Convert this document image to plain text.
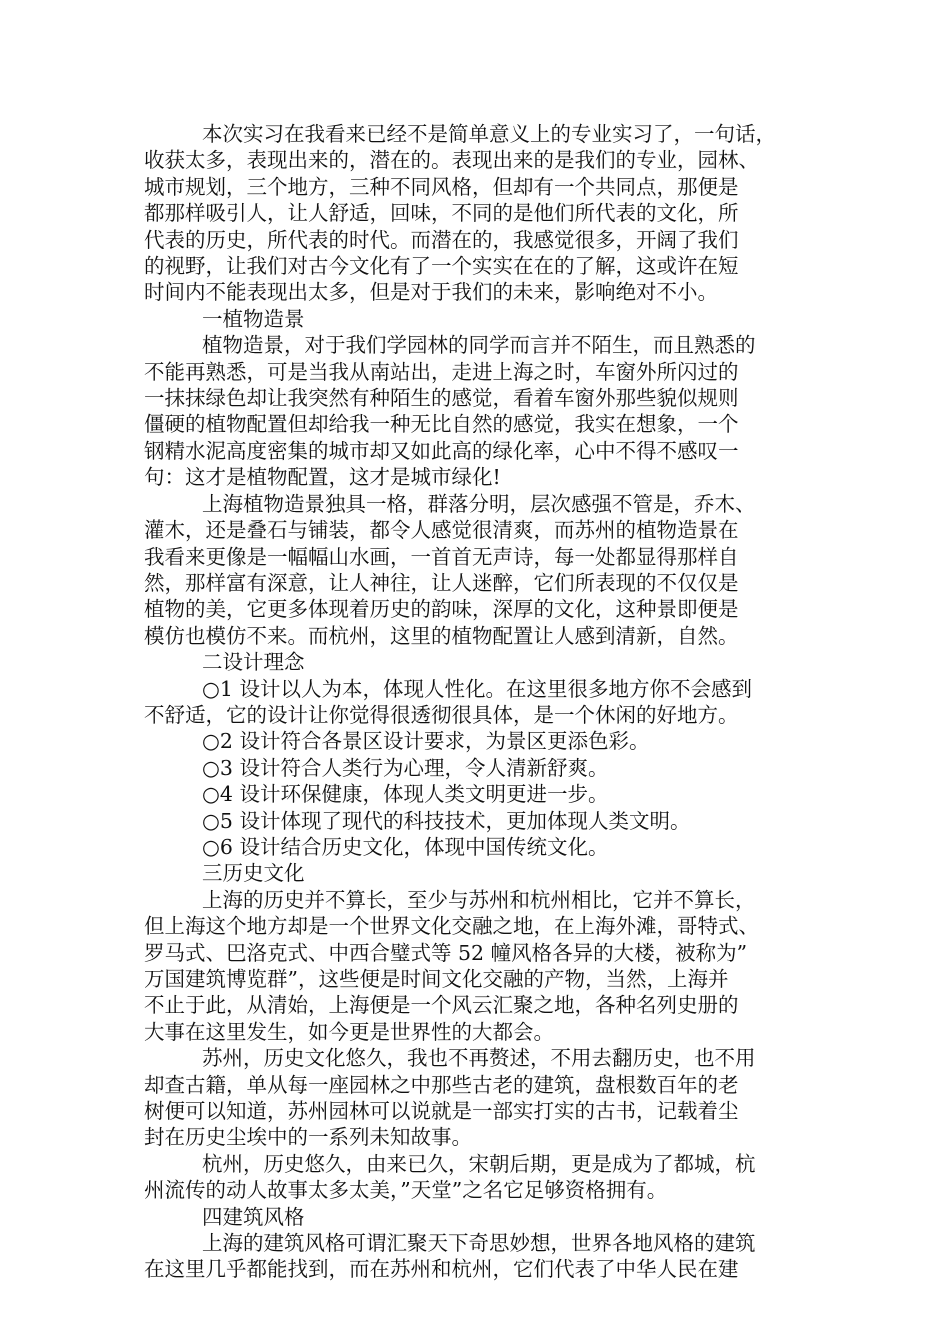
本次实习在我看来已经不是简单意义上的专业实习了，一句话，
收获太多，表现出来的，潜在的。表现出来的是我们的专业，园林、
城市规划，三个地方，三种不同风格，但却有一个共同点，那便是
都那样吸引人，让人舒适，回味，不同的是他们所代表的文化，所
代表的历史，所代表的时代。而潜在的，我感觉很多，开阔了我们
的视野，让我们对古今文化有了一个实实在在的了解，这或许在短
时间内不能表现出太多，但是对于我们的未来，影响绝对不小。
一植物造景
植物造景，对于我们学园林的同学而言并不陌生，而且熟悉的
不能再熟悉，可是当我从南站出，走进上海之时，车窗外所闪过的
一抹抹绿色却让我突然有种陌生的感觉，看着车窗外那些貌似规则
僵硬的植物配置但却给我一种无比自然的感觉，我实在想象，一个
钢精水泥高度密集的城市却又如此高的绿化率，心中不得不感叹一
句：这才是植物配置，这才是城市绿化!
上海植物造景独具一格，群落分明，层次感强不管是，乔木、
灌木，还是叠石与铺装，都令人感觉很清爽，而苏州的植物造景在
我看来更像是一幅幅山水画，一首首无声诗，每一处都显得那样自
然，那样富有深意，让人神往，让人迷醉，它们所表现的不仅仅是
植物的美，它更多体现着历史的韵味，深厚的文化，这种景即便是
模仿也模仿不来。而杭州，这里的植物配置让人感到清新，自然。
二设计理念
○1 设计以人为本，体现人性化。在这里很多地方你不会感到
不舒适，它的设计让你觉得很透彻很具体，是一个休闲的好地方。
○2 设计符合各景区设计要求，为景区更添色彩。
○3 设计符合人类行为心理，令人清新舒爽。
○4 设计环保健康，体现人类文明更进一步。
○5 设计体现了现代的科技技术，更加体现人类文明。
○6 设计结合历史文化，体现中国传统文化。
三历史文化
上海的历史并不算长，至少与苏州和杭州相比，它并不算长，
但上海这个地方却是一个世界文化交融之地，在上海外滩，哥特式、
罗马式、巴洛克式、中西合璧式等 52 幢风格各异的大楼，被称为”
万国建筑博览群”，这些便是时间文化交融的产物，当然，上海并
不止于此，从清始，上海便是一个风云汇聚之地，各种名列史册的
大事在这里发生，如今更是世界性的大都会。
苏州，历史文化悠久，我也不再赘述，不用去翻历史，也不用
却查古籍，单从每一座园林之中那些古老的建筑，盘根数百年的老
树便可以知道，苏州园林可以说就是一部实打实的古书，记载着尘
封在历史尘埃中的一系列未知故事。
杭州，历史悠久，由来已久，宋朝后期，更是成为了都城，杭
州流传的动人故事太多太美，”天堂”之名它足够资格拥有。
四建筑风格
上海的建筑风格可谓汇聚天下奇思妙想，世界各地风格的建筑
在这里几乎都能找到，而在苏州和杭州，它们代表了中华人民在建
